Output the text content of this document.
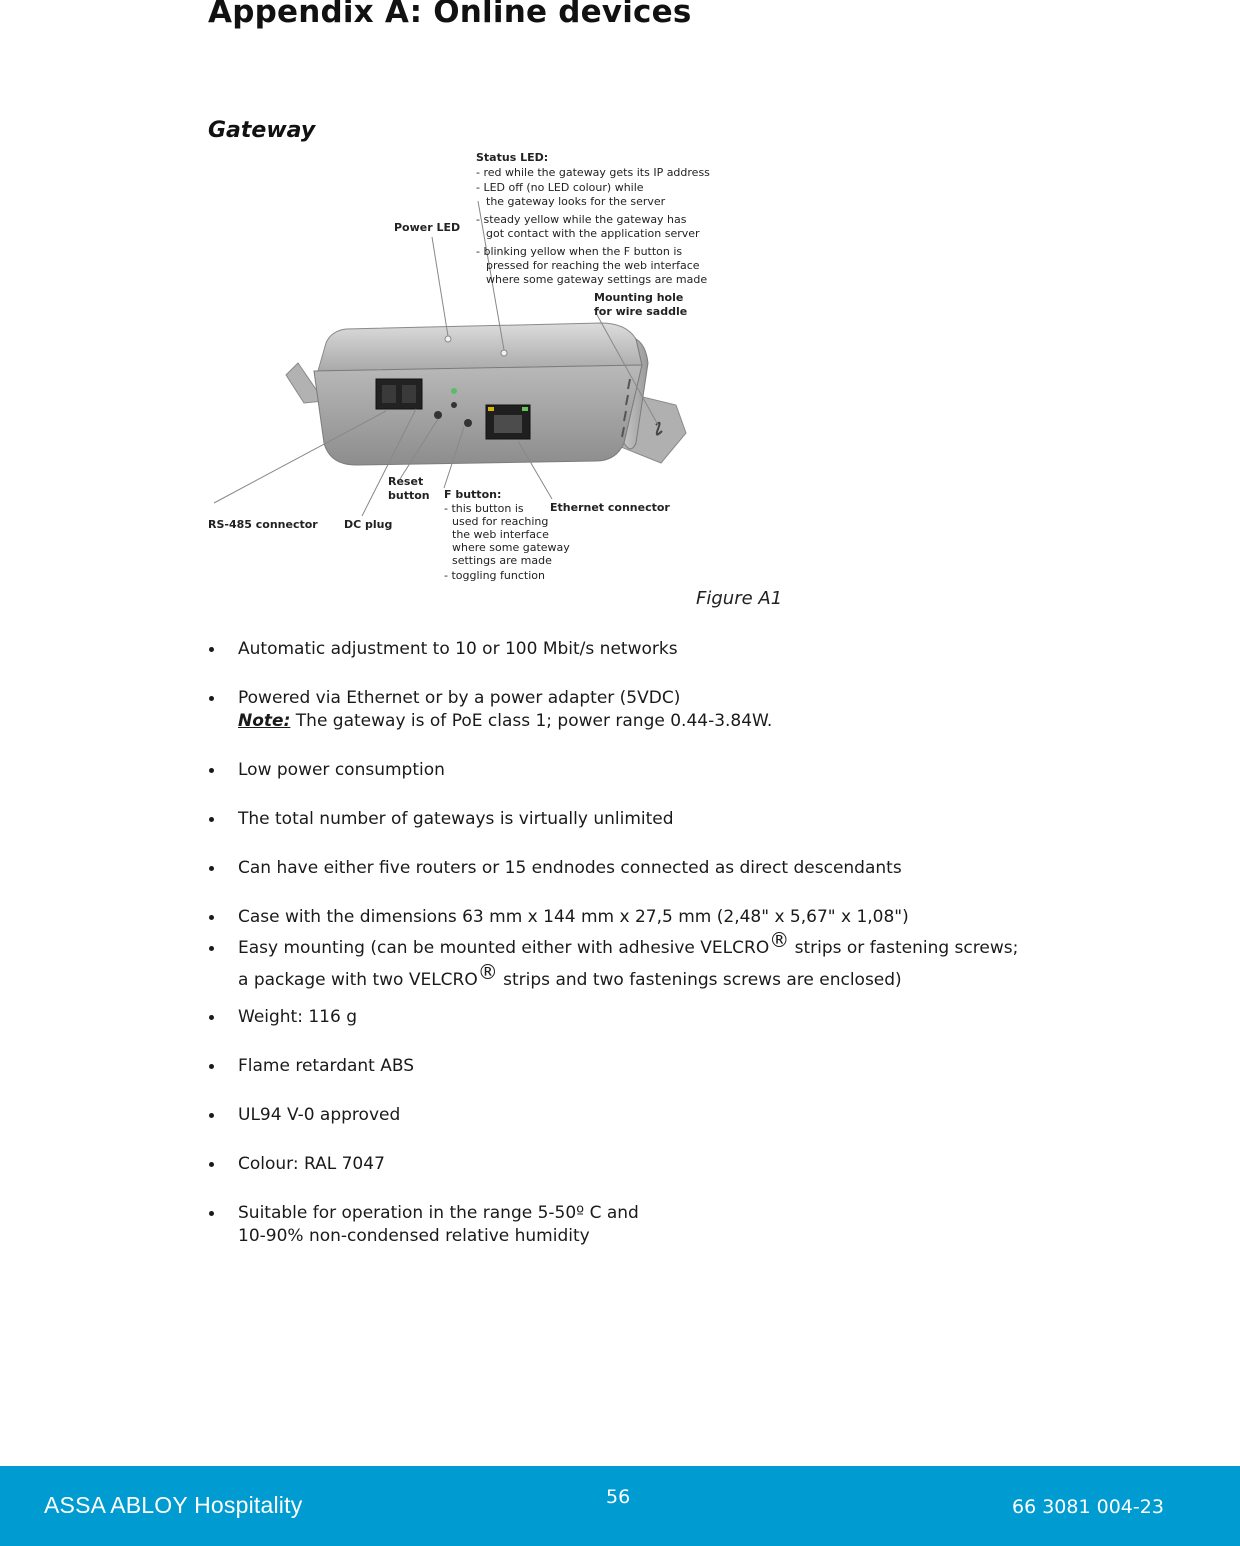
Appendix A: Online devices
Gateway
Status LED:
- red while the gateway gets its IP address
- LED off (no LED colour) while
the gateway looks for the server
- steady yellow while the gateway has
got contact with the application server
- blinking yellow when the F button is
pressed for reaching the web interface
where some gateway settings are made
Power LED
Mounting hole
for wire saddle
Reset
button
RS-485 connector DC plug
F button:
- this button is
used for reaching
the web interface
where some gateway
settings are made
- toggling function
Ethernet connector
Figure A1
Automatic adjustment to 10 or 100 Mbit/s networks
Powered via Ethernet or by a power adapter (5VDC)
Note: The gateway is of PoE class 1; power range 0.44-3.84W.
Low power consumption
The total number of gateways is virtually unlimited
Can have either five routers or 15 endnodes connected as direct descendants
Case with the dimensions 63 mm x 144 mm x 27,5 mm (2,48" x 5,67" x 1,08")
Easy mounting (can be mounted either with adhesive VELCRO® strips or fastening screws;
a package with two VELCRO® strips and two fastenings screws are enclosed)
Weight: 116 g
Flame retardant ABS
UL94 V-0 approved
Colour: RAL 7047
Suitable for operation in the range 5-50º C and
10-90% non-condensed relative humidity
ASSA ABLOY Hospitality	56	66 3081 004-23
